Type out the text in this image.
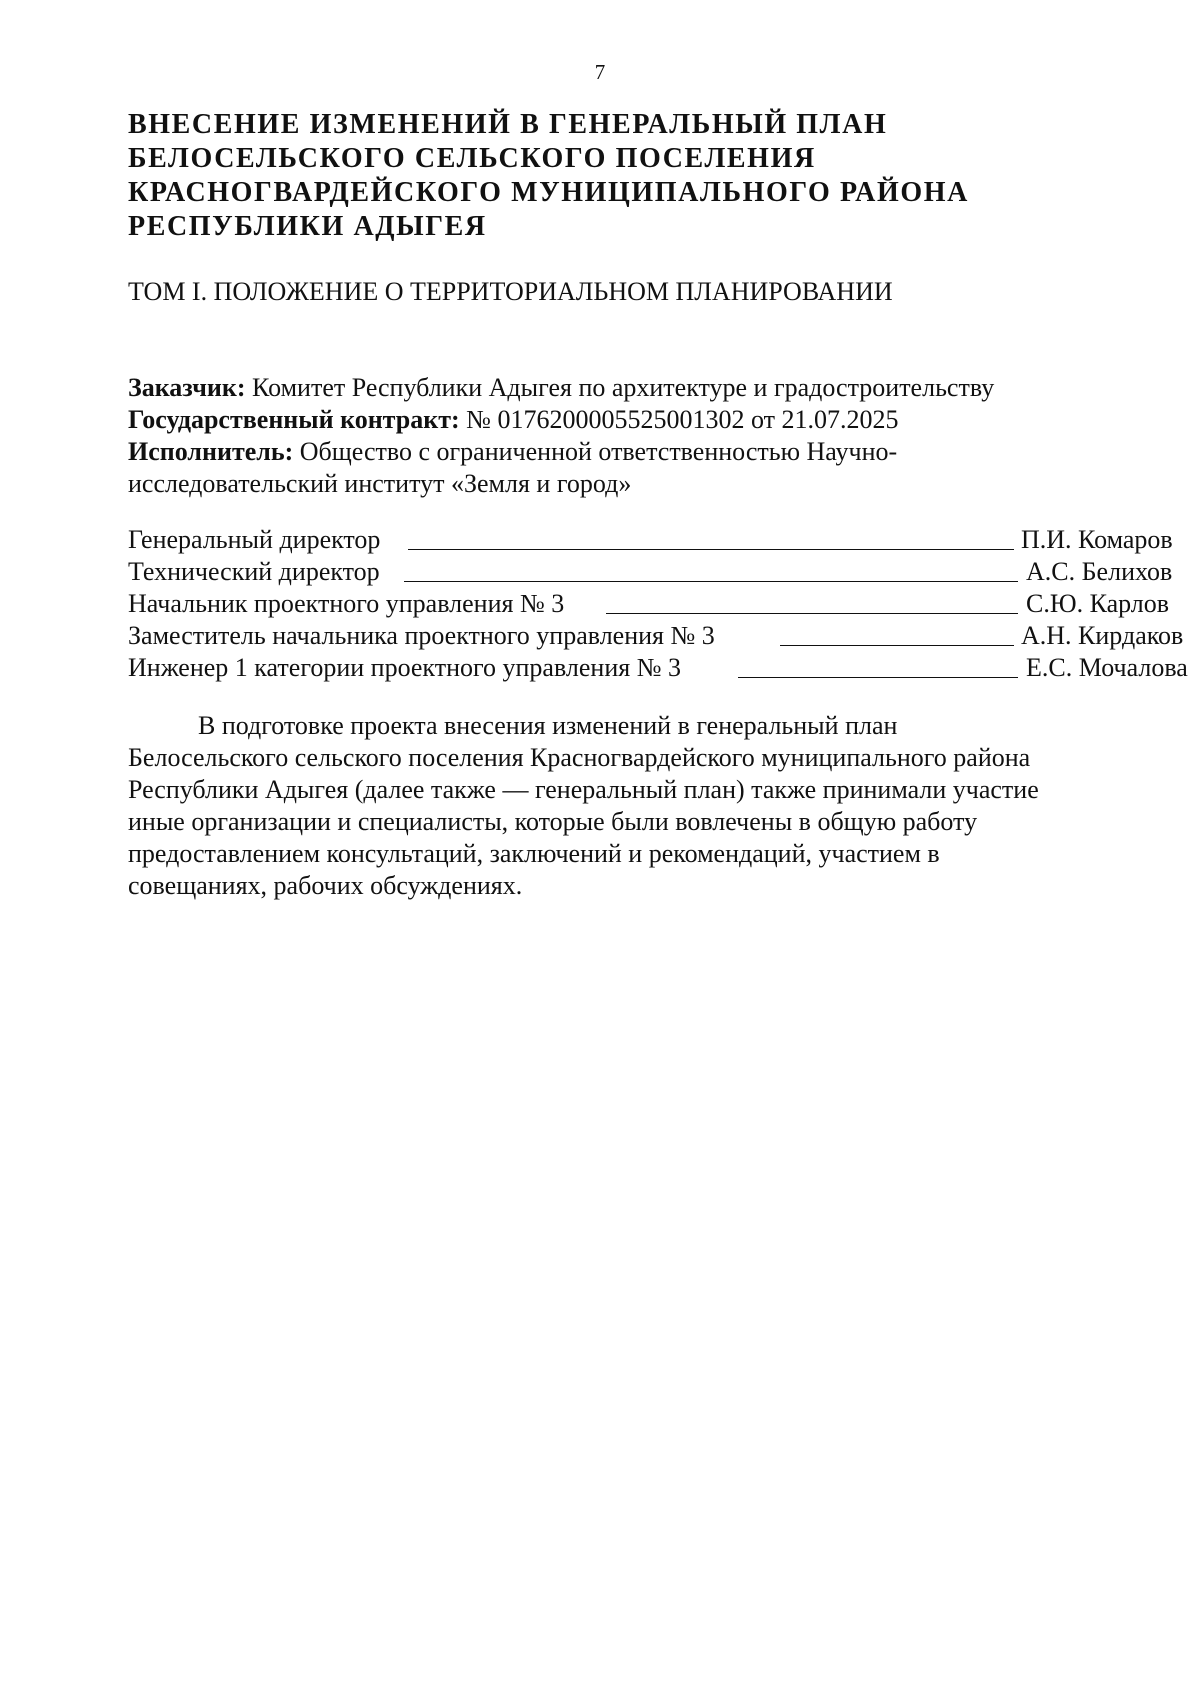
7
ВНЕСЕНИЕ ИЗМЕНЕНИЙ В ГЕНЕРАЛЬНЫЙ ПЛАН
БЕЛОСЕЛЬСКОГО СЕЛЬСКОГО ПОСЕЛЕНИЯ
КРАСНОГВАРДЕЙСКОГО МУНИЦИПАЛЬНОГО РАЙОНА
РЕСПУБЛИКИ АДЫГЕЯ
ТОМ I. ПОЛОЖЕНИЕ О ТЕРРИТОРИАЛЬНОМ ПЛАНИРОВАНИИ
Заказчик: Комитет Республики Адыгея по архитектуре и градостроительству
Государственный контракт: № 0176200005525001302 от 21.07.2025
Исполнитель: Общество с ограниченной ответственностью Научно-
исследовательский институт «Земля и город»
Генеральный директор	П.И. Комаров
Технический директор	А.С. Белихов
Начальник проектного управления № 3	С.Ю. Карлов
Заместитель начальника проектного управления № 3	А.Н. Кирдаков
Инженер 1 категории проектного управления № 3	Е.С. Мочалова
В подготовке проекта внесения изменений в генеральный план
Белосельского сельского поселения Красногвардейского муниципального района
Республики Адыгея (далее также — генеральный план) также принимали участие
иные организации и специалисты, которые были вовлечены в общую работу
предоставлением консультаций, заключений и рекомендаций, участием в
совещаниях, рабочих обсуждениях.
